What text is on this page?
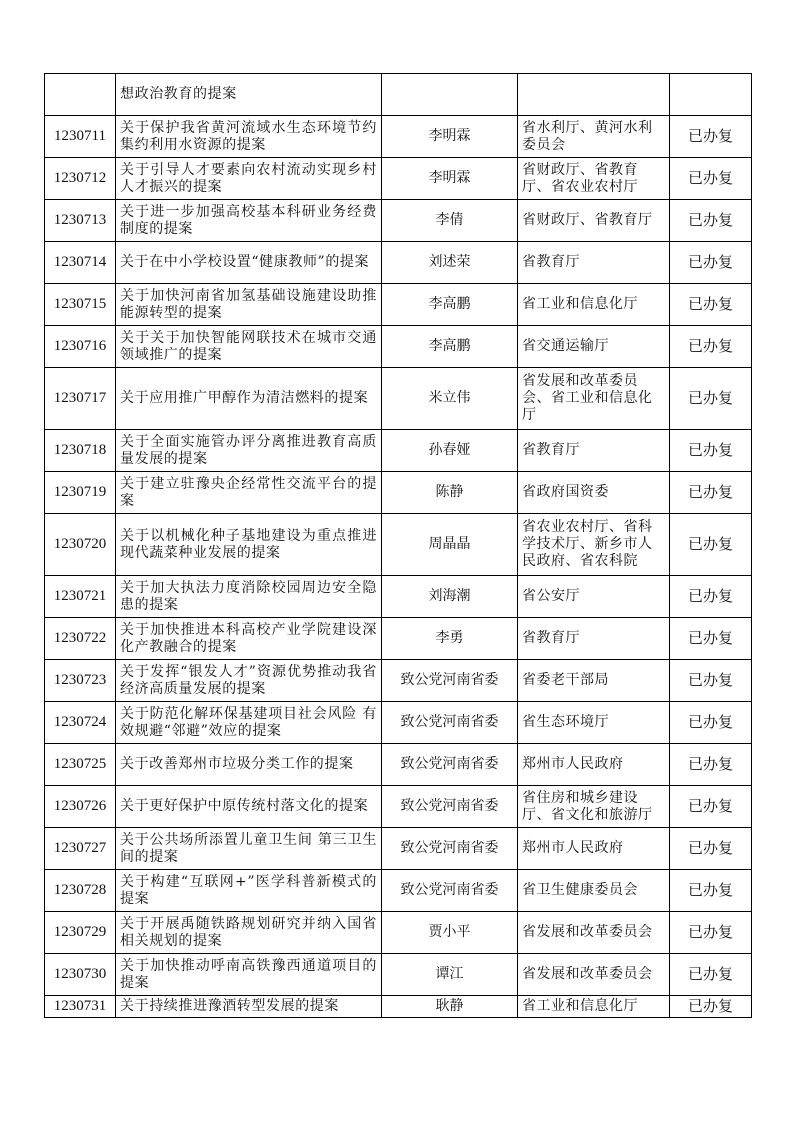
	想政治教育的提案			
1230711	关于保护我省黄河流域水生态环境节约集约利用水资源的提案	李明霖	省水利厅、黄河水利委员会	已办复
1230712	关于引导人才要素向农村流动实现乡村人才振兴的提案	李明霖	省财政厅、省教育厅、省农业农村厅	已办复
1230713	关于进一步加强高校基本科研业务经费制度的提案	李倩	省财政厅、省教育厅	已办复
1230714	关于在中小学校设置“健康教师”的提案	刘述荣	省教育厅	已办复
1230715	关于加快河南省加氢基础设施建设助推能源转型的提案	李高鹏	省工业和信息化厅	已办复
1230716	关于关于加快智能网联技术在城市交通领域推广的提案	李高鹏	省交通运输厅	已办复
1230717	关于应用推广甲醇作为清洁燃料的提案	米立伟	省发展和改革委员会、省工业和信息化厅	已办复
1230718	关于全面实施管办评分离推进教育高质量发展的提案	孙春娅	省教育厅	已办复
1230719	关于建立驻豫央企经常性交流平台的提案	陈静	省政府国资委	已办复
1230720	关于以机械化种子基地建设为重点推进现代蔬菜种业发展的提案	周晶晶	省农业农村厅、省科学技术厅、新乡市人民政府、省农科院	已办复
1230721	关于加大执法力度消除校园周边安全隐患的提案	刘海潮	省公安厅	已办复
1230722	关于加快推进本科高校产业学院建设深化产教融合的提案	李勇	省教育厅	已办复
1230723	关于发挥“银发人才”资源优势推动我省经济高质量发展的提案	致公党河南省委	省委老干部局	已办复
1230724	关于防范化解环保基建项目社会风险 有效规避“邻避”效应的提案	致公党河南省委	省生态环境厅	已办复
1230725	关于改善郑州市垃圾分类工作的提案	致公党河南省委	郑州市人民政府	已办复
1230726	关于更好保护中原传统村落文化的提案	致公党河南省委	省住房和城乡建设厅、省文化和旅游厅	已办复
1230727	关于公共场所添置儿童卫生间 第三卫生间的提案	致公党河南省委	郑州市人民政府	已办复
1230728	关于构建“互联网+”医学科普新模式的提案	致公党河南省委	省卫生健康委员会	已办复
1230729	关于开展禹随铁路规划研究并纳入国省相关规划的提案	贾小平	省发展和改革委员会	已办复
1230730	关于加快推动呼南高铁豫西通道项目的提案	谭江	省发展和改革委员会	已办复
1230731	关于持续推进豫酒转型发展的提案	耿静	省工业和信息化厅	已办复
